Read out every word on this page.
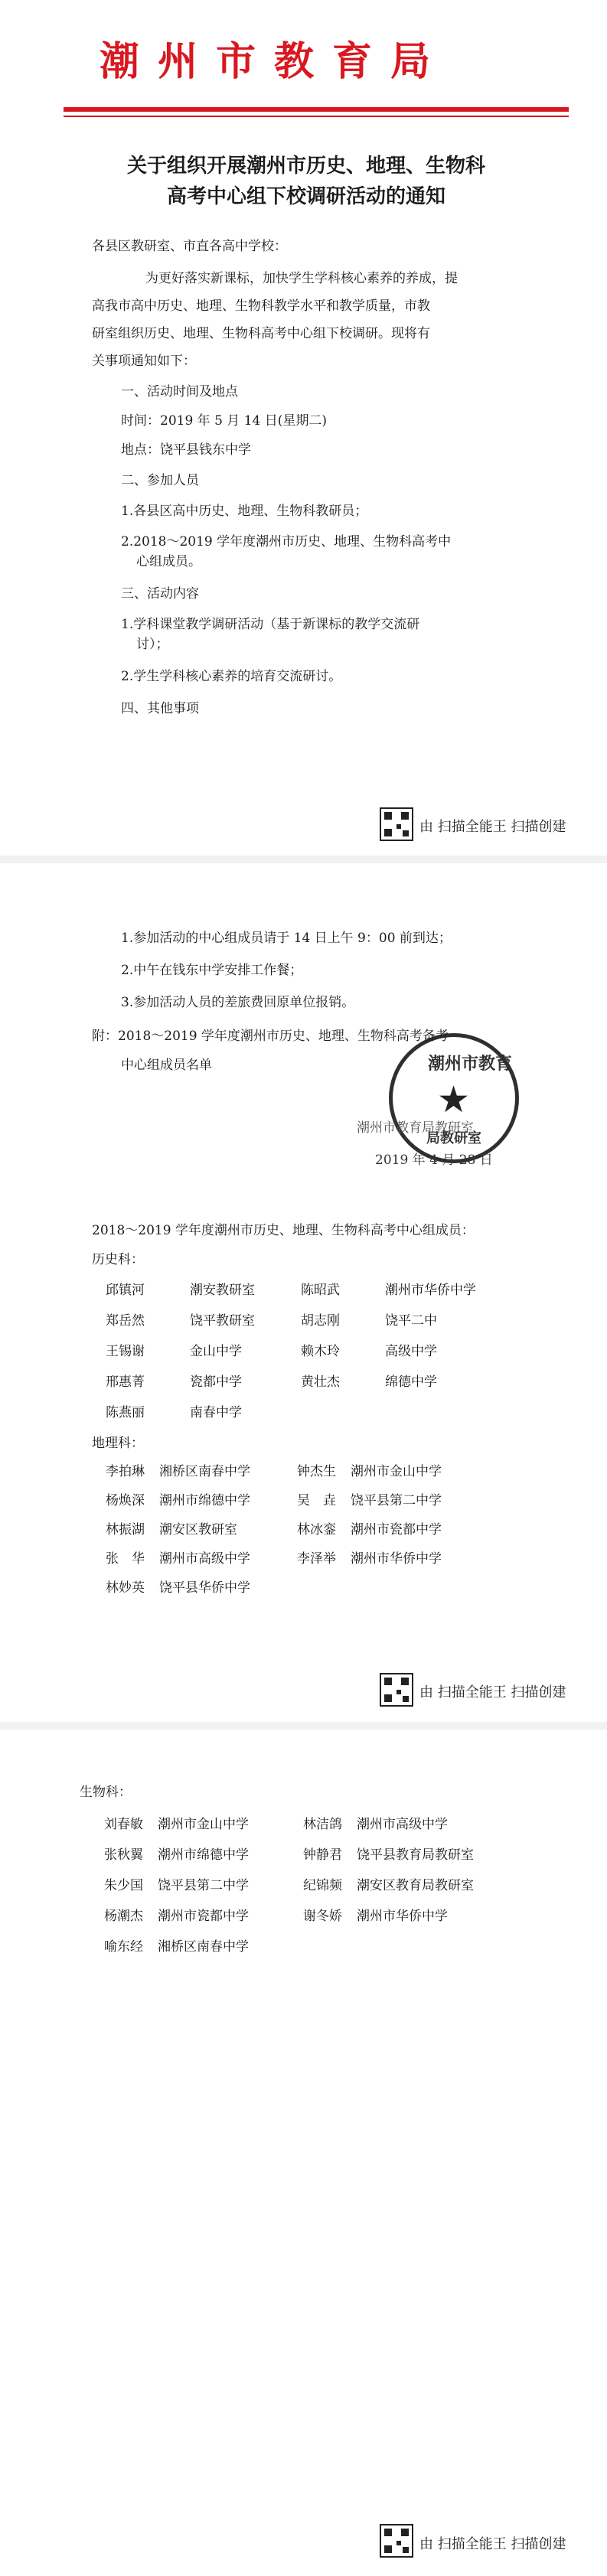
潮州市教育局
关于组织开展潮州市历史、地理、生物科
高考中心组下校调研活动的通知
各县区教研室、市直各高中学校：
为更好落实新课标，加快学生学科核心素养的养成，提
高我市高中历史、地理、生物科教学水平和教学质量，市教
研室组织历史、地理、生物科高考中心组下校调研。现将有
关事项通知如下：
一、活动时间及地点
时间：2019 年 5 月 14 日(星期二)
地点：饶平县钱东中学
二、参加人员
1.各县区高中历史、地理、生物科教研员；
2.2018～2019 学年度潮州市历史、地理、生物科高考中
心组成员。
三、活动内容
1.学科课堂教学调研活动（基于新课标的教学交流研
讨）；
2.学生学科核心素养的培育交流研讨。
四、其他事项
由 扫描全能王 扫描创建
1.参加活动的中心组成员请于 14 日上午 9：00 前到达；
2.中午在钱东中学安排工作餐；
3.参加活动人员的差旅费回原单位报销。
附：2018～2019 学年度潮州市历史、地理、生物科高考备考
中心组成员名单	潮州市教育
★
局教研室
潮州市教育局教研室
2019 年 4 月 28 日
2018～2019 学年度潮州市历史、地理、生物科高考中心组成员：
历史科：
邱镇河	潮安教研室	陈昭武	潮州市华侨中学
郑岳然	饶平教研室	胡志刚	饶平二中
王锡谢	金山中学	赖木玲	高级中学
邢惠菁	瓷都中学	黄壮杰	绵德中学
陈燕丽	南春中学		
地理科：
李拍琳	湘桥区南春中学	钟杰生	潮州市金山中学
杨焕深	潮州市绵德中学	吴　垚	饶平县第二中学
林振湖	潮安区教研室	林冰銮	潮州市瓷都中学
张　华	潮州市高级中学	李泽举	潮州市华侨中学
林妙英	饶平县华侨中学		
由 扫描全能王 扫描创建
生物科：
刘春敏	潮州市金山中学	林洁鸽	潮州市高级中学
张秋翼	潮州市绵德中学	钟静君	饶平县教育局教研室
朱少国	饶平县第二中学	纪锦频	潮安区教育局教研室
杨潮杰	潮州市瓷都中学	谢冬娇	潮州市华侨中学
喻东经	湘桥区南春中学		
由 扫描全能王 扫描创建
